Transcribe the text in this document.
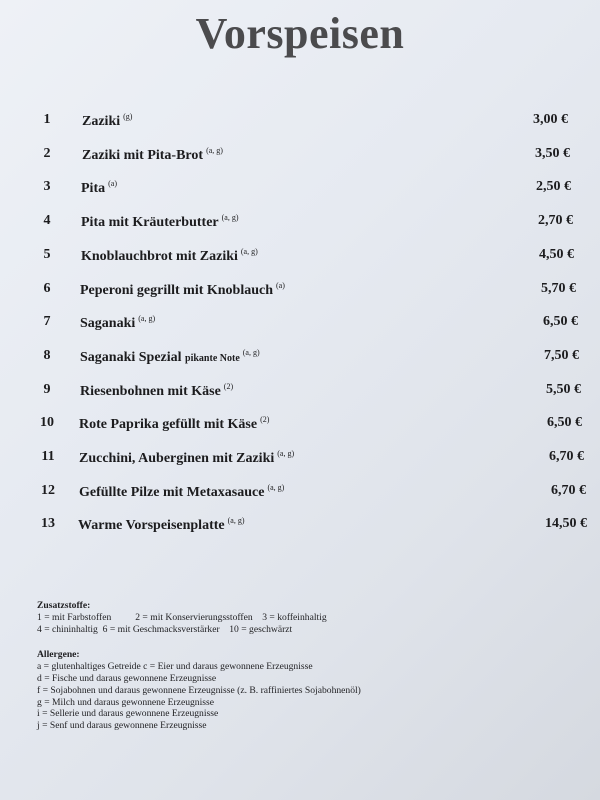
Vorspeisen
1	Zaziki $^{(g)}$	3,00 €
2	Zaziki mit Pita-Brot $^{(a, g)}$	3,50 €
3	Pita $^{(a)}$	2,50 €
4	Pita mit Kräuterbutter $^{(a, g)}$	2,70 €
5	Knoblauchbrot mit Zaziki $^{(a, g)}$	4,50 €
6	Peperoni gegrillt mit Knoblauch $^{(a)}$	5,70 €
7	Saganaki $^{(a, g)}$	6,50 €
8	Saganaki Spezial pikante Note$^{(a, g)}$	7,50 €
9	Riesenbohnen mit Käse $^{(2)}$	5,50 €
10 Rote Paprika gefüllt mit Käse $^{(2)}$	6,50 €
11	Zucchini, Auberginen mit Zaziki $^{(a, g)}$	6,70 €
12 Gefüllte Pilze mit Metaxasauce $^{(a, g)}$	6,70 €
13 Warme Vorspeisenplatte $^{(a, g)}$	14,50 €
Zusatzstoffe:
1 = mit Farbstoffen          2 = mit Konservierungsstoffen    3 = koffeinhaltig
4 = chininhaltig  6 = mit Geschmacksverstärker    10 = geschwärzt
Allergene:
a = glutenhaltiges Getreide c = Eier und daraus gewonnene Erzeugnisse
d = Fische und daraus gewonnene Erzeugnisse
f = Sojabohnen und daraus gewonnene Erzeugnisse (z. B. raffiniertes Sojabohnenöl)
g = Milch und daraus gewonnene Erzeugnisse
i = Sellerie und daraus gewonnene Erzeugnisse
j = Senf und daraus gewonnene Erzeugnisse
